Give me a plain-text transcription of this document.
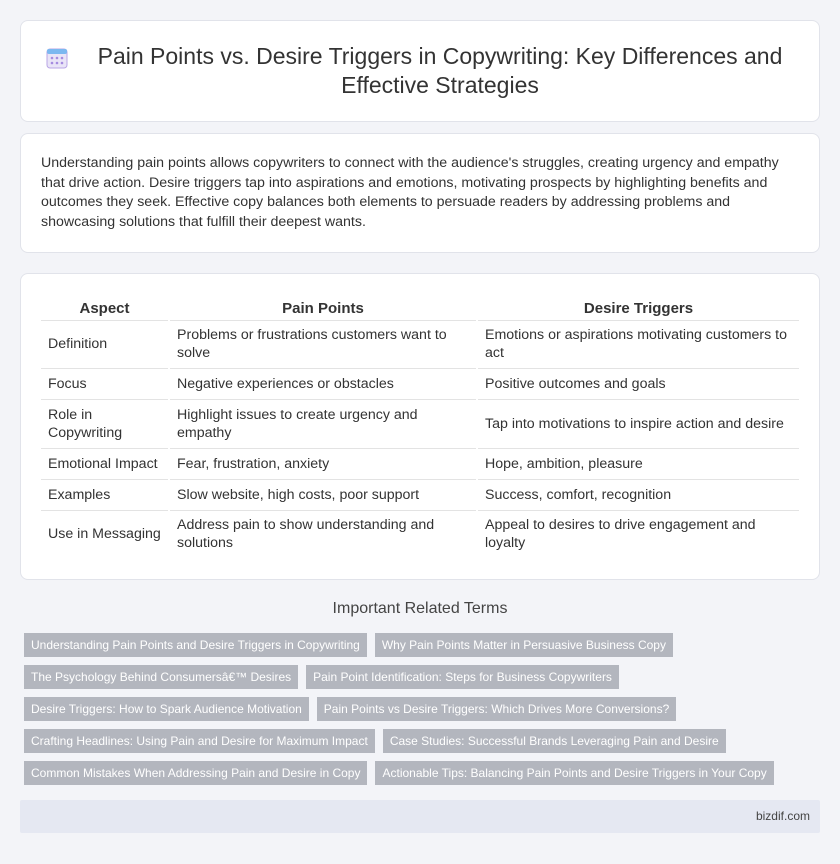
Pain Points vs. Desire Triggers in Copywriting: Key Differences and Effective Strategies

Understanding pain points allows copywriters to connect with the audience's struggles, creating urgency and empathy that drive action. Desire triggers tap into aspirations and emotions, motivating prospects by highlighting benefits and outcomes they seek. Effective copy balances both elements to persuade readers by addressing problems and showcasing solutions that fulfill their deepest wants.

Aspect	Pain Points	Desire Triggers
Definition	Problems or frustrations customers want to solve	Emotions or aspirations motivating customers to act
Focus	Negative experiences or obstacles	Positive outcomes and goals
Role in Copywriting	Highlight issues to create urgency and empathy	Tap into motivations to inspire action and desire
Emotional Impact	Fear, frustration, anxiety	Hope, ambition, pleasure
Examples	Slow website, high costs, poor support	Success, comfort, recognition
Use in Messaging	Address pain to show understanding and solutions	Appeal to desires to drive engagement and loyalty
Important Related Terms
Understanding Pain Points and Desire Triggers in Copywriting	Why Pain Points Matter in Persuasive Business Copy
The Psychology Behind Consumersâ€™ Desires	Pain Point Identification: Steps for Business Copywriters
Desire Triggers: How to Spark Audience Motivation	Pain Points vs Desire Triggers: Which Drives More Conversions?
Crafting Headlines: Using Pain and Desire for Maximum Impact	Case Studies: Successful Brands Leveraging Pain and Desire
Common Mistakes When Addressing Pain and Desire in Copy	Actionable Tips: Balancing Pain Points and Desire Triggers in Your Copy
bizdif.com
